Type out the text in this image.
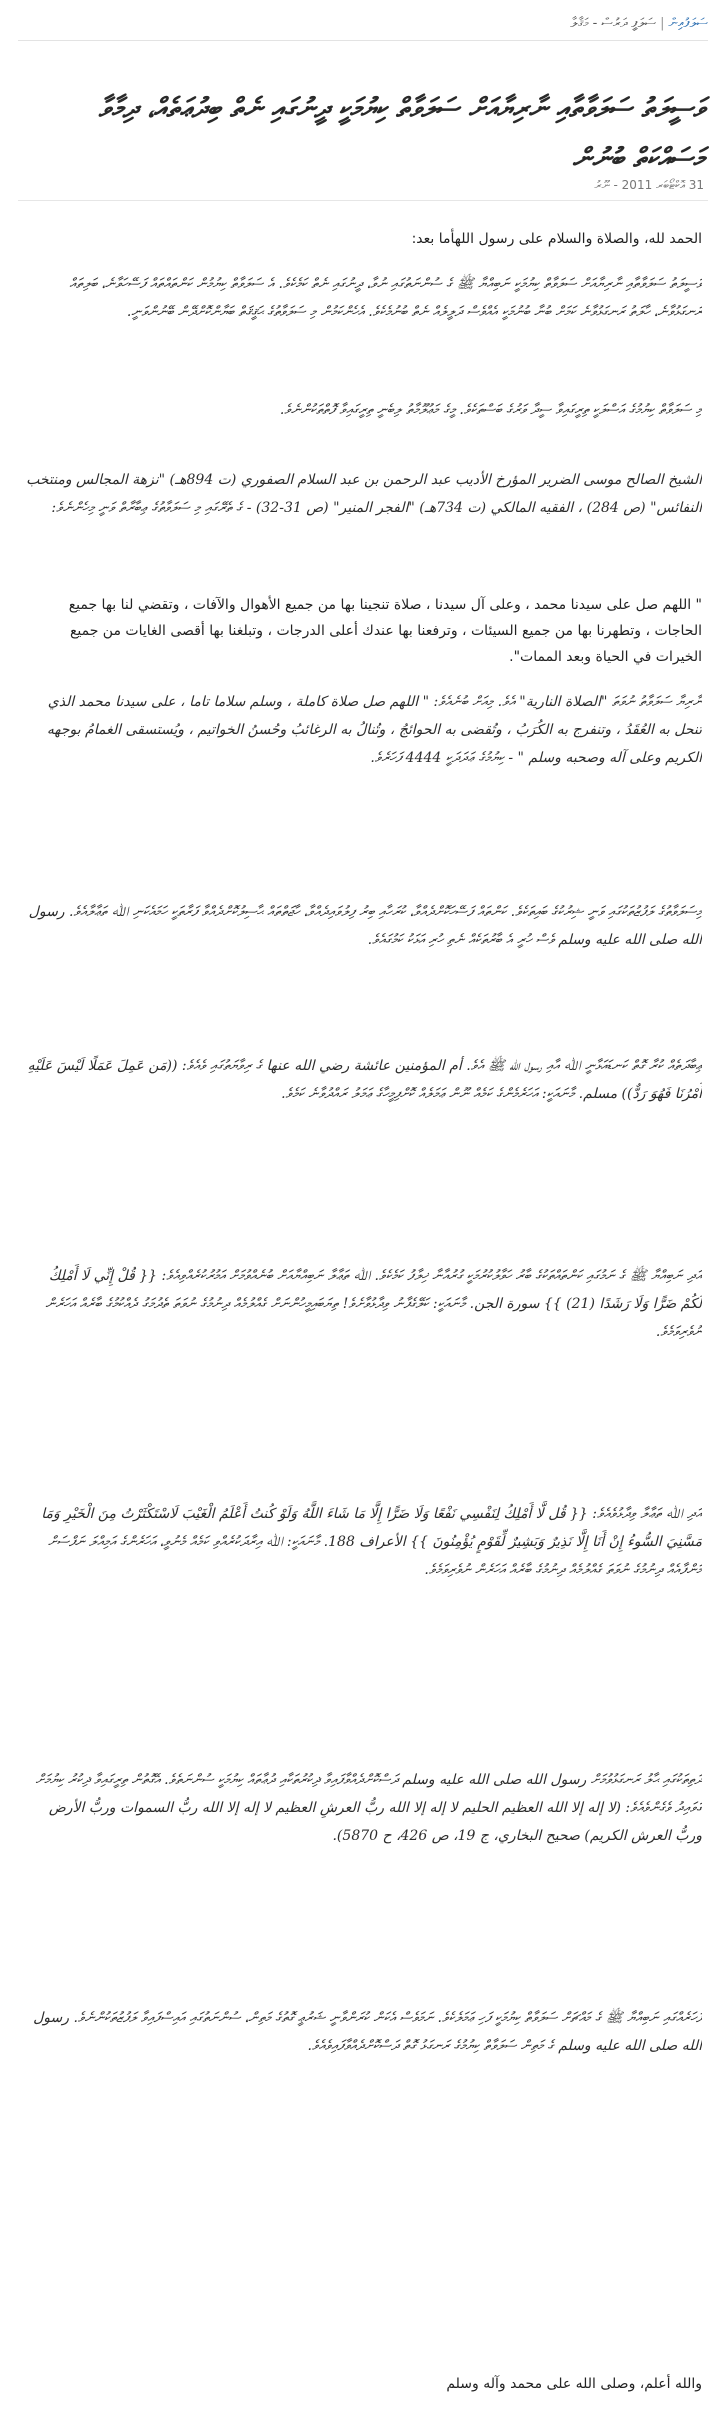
ސަލަފުއިން|ސަލަފީ ދަރުސް - މަޤާލާ
ވަސީލަތު ސަލަވާތާއި ނާރިޔާއަށް ސަލަވާތް ކިޔުމަކީ ދީނުގައި ނެތް ބިދުޢަތެއް، ދިމާވާ މަސައްކަތް ބުނުން
31 އޮކްޓޯބަރ 2011 - ނޫރު

الحمد لله، والصلاة والسلام على رسول اللهأما بعد:

ވަސީލަތު ސަލަވާތާއި ނާރިޔާއަށް ސަލަވާތް ކިޔުމަކީ ނަބިއްޔާ ﷺ ގެ ސުންނަތުގައި ނުވާ، ދީނުގައި ނެތް ކަމެކެވެ. އެ ސަލަވާތް ކިޔުމުން ކަންތައްތައް ފަސޭހަވާނެ، ބަލިތައް ރަނގަޅުވާނެ، ހާލަތު ރަނގަޅުވާނެ ކަމަށް ބުނާ ބުނުމަކީ އެއްވެސް ދަލީލެއް ނެތް ބުނުމެކެވެ. އެހެންކަމުން މި ސަލަވާތުގެ ޙަޤީޤަތް ބަޔާންކޮށްދޭން ބޭނުންވަނީ.

މި ސަލަވާތް ކިޔުމުގެ އަސްލަކީ ތިރީގައިވާ ސީދާ ވަރުގެ ބަސްތަކެވެ. މީގެ މަޢުލޫމާތު ލިބެނީ ތިރީގައިވާ ފޮތްތަކުންނެވެ.

الشيخ الصالح موسى الضرير المؤرخ الأديب عبد الرحمن بن عبد السلام الصفوري (ت 894هـ) "نزهة المجالس ومنتخب النفائس" (ص 284) ، الفقيه المالكي (ت 734هـ) "الفجر المنير" (ص 31-32) - ގެ ތެރޭގައި މި ސަލަވާތުގެ ޢިބާރާތް ވަނީ މިހެންނެވެ:

" اللهم صل على سيدنا محمد ، وعلى آل سيدنا ، صلاة تنجينا بها من جميع الأهوال والآفات ، وتقضي لنا بها جميع الحاجات ، وتطهرنا بها من جميع السيئات ، وترفعنا بها عندك أعلى الدرجات ، وتبلغنا بها أقصى الغايات من جميع الخيرات في الحياة وبعد الممات".

ނާރިޔާ ސަލަވާތު ނުވަތަ "الصلاة النارية" އެވެ. މިއަށް ބުނެއެވެ: " اللهم صل صلاة كاملة ، وسلم سلاما تاما ، على سيدنا محمد الذي تنحل به العُقَدُ ، وتنفرج به الكُرَبُ ، وتُقضى به الحوائجُ ، وتُنالُ به الرغائبُ وحُسنُ الخواتيم ، ويُستسقى الغمامُ بوجهه الكريم وعلى آله وصحبه وسلم " - ކިޔުމުގެ ޢަދަދަކީ 4444 ފަހަރެވެ.

މިސަލަވާތުގެ ލަފުޒުތަކުގައި ވަނީ ޝިރުކުގެ ބައިތަކެވެ. ކަންތައް ފަސޭހަކޮށްދެއްވާ، ކުރަހާއި ބިރު ފިލުވައިދެއްވާ، ހާޖަތްތައް ޙާސިލުކޮށްދެއްވާ ފަރާތަކީ ހަމައެކަނި ﷲ ތަޢާލާއެވެ. رسول الله صلى الله عليه وسلم ވެސް ހުރީ އެ ބާރުތަކެއް ނެތި ހުރި އަޅަކު ކަމުގައެވެ.

ޢިބާދަތެއް ކުރާ ގޮތް ކަނޑައަޅާނީ ﷲ އާއި رسول الله ﷺ އެވެ. أم المؤمنين عائشة رضي الله عنها ގެ ރިވާޔަތުގައި ވެއެވެ: ((مَن عَمِلَ عَمَلًا لَيْسَ عَلَيْهِ أَمْرُنَا فَهُوَ رَدٌّ)) مسلم. މާނައަކީ: އަހަރެމެންގެ ކަމެއް ނޫން ޢަމަލެއް ކޮށްފިމީހާގެ ޢަމަލު ރައްދުވާނެ ކަމެވެ.

އަދި ނަބިއްޔާ ﷺ ގެ ނަމުގައި ކަންތައްތަކުގެ ބާރު ހަވާލުކުރުމަކީ ގުރުއާނާ ޚިލާފު ކަމެކެވެ. ﷲ ތަޢާލާ ނަބިއްޔާއަށް ބުނެއްވުމަށް އަމުރުކުރެއްވިއެވެ: {{ قُلْ إِنِّي لَا أَمْلِكُ لَكُمْ ضَرًّا وَلَا رَشَدًا (21) }} سورة الجن. މާނައަކީ: ކަލޭގެފާނު ވިދާޅުވާށެވެ! ތިޔަބައިމީހުންނަށް ގެއްލުމެއް ދިނުމުގެ ނުވަތަ ތެދުމަގު ދެއްކުމުގެ ބާރެއް އަހަރެން ނުވެރިވަމެވެ.

އަދި ﷲ ތަޢާލާ ވިދާޅުވެއެވެ: {{ قُل لَّا أَمْلِكُ لِنَفْسِي نَفْعًا وَلَا ضَرًّا إِلَّا مَا شَاءَ اللَّهُ وَلَوْ كُنتُ أَعْلَمُ الْغَيْبَ لَاسْتَكْثَرْتُ مِنَ الْخَيْرِ وَمَا مَسَّنِيَ السُّوءُ إِنْ أَنَا إِلَّا نَذِيرٌ وَبَشِيرٌ لِّقَوْمٍ يُؤْمِنُونَ }} الأعراف 188. މާނައަކީ: ﷲ އިރާދަކުރެއްވި ކަމެއް މެނުވީ، އަހަރެންގެ އަމިއްލަ ނަފްސަށް މަންފާއެއް ދިނުމުގެ ނުވަތަ ގެއްލުމެއް ދިނުމުގެ ބާރެއް އަހަރެން ނުވެރިވަމެވެ.

ދަތިތަކުގައި ޙާލު ރަނގަޅުވުމަށް رسول الله صلى الله عليه وسلم ދަސްކޮށްދެއްވާފައިވާ ޛިކުރުތަކާއި ދުޢާތައް ކިޔުމަކީ ސުންނަތެވެ. އެގޮތުން ތިރީގައިވާ ޛިކުރު ކިޔުމަށް ގަވައިދު ވެގެންވެއެވެ: (لا إله إلا الله العظيم الحليم لا إله إلا الله ربُّ العرشِ العظيم لا إله إلا الله ربُّ السموات وربُّ الأرض وربُّ العرش الكريم) صحيح البخاري، ج 19، ص 426، ح 5870).

ފަހަރެއްގައި ނަބިއްޔާ ﷺ ގެ މައްޗަށް ސަލަވާތް ކިޔުމަކީ ފަހި ޢަމަލެކެވެ. ނަމަވެސް އެކަން ކުރަންވާނީ ޝަރުޢީ ގޮތުގެ މަތިން، ސުންނަތުގައި އައިސްފައިވާ ލަފުޒުތަކުންނެވެ. رسول الله صلى الله عليه وسلم ގެ މަތިން ސަލަވާތް ކިޔުމުގެ ރަނގަޅު ގޮތް ދަސްކޮށްދެއްވާފައިވެއެވެ.

والله أعلم، وصلى الله على محمد وآله وسلم
